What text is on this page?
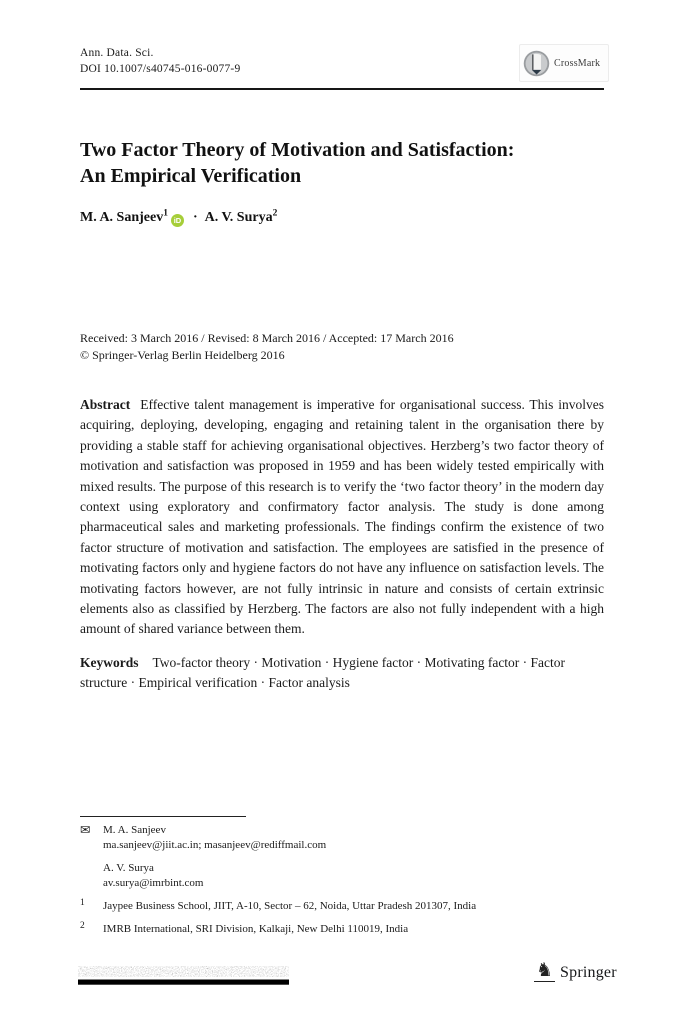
Ann. Data. Sci.
DOI 10.1007/s40745-016-0077-9	CrossMark
Two Factor Theory of Motivation and Satisfaction:
An Empirical Verification
M. A. Sanjeev$^1$iD · A. V. Surya$^2$
Received: 3 March 2016 / Revised: 8 March 2016 / Accepted: 17 March 2016
© Springer-Verlag Berlin Heidelberg 2016

Abstract Effective talent management is imperative for organisational success. This involves acquiring, deploying, developing, engaging and retaining talent in the organisation there by providing a stable staff for achieving organisational objectives. Herzberg’s two factor theory of motivation and satisfaction was proposed in 1959 and has been widely tested empirically with mixed results. The purpose of this research is to verify the ‘two factor theory’ in the modern day context using exploratory and confirmatory factor analysis. The study is done among pharmaceutical sales and marketing professionals. The findings confirm the existence of two factor structure of motivation and satisfaction. The employees are satisfied in the presence of motivating factors only and hygiene factors do not have any influence on satisfaction levels. The motivating factors however, are not fully intrinsic in nature and consists of certain extrinsic elements also as classified by Herzberg. The factors are also not fully independent with a high amount of shared variance between them.

Keywords Two-factor theory · Motivation · Hygiene factor · Motivating factor · Factor structure · Empirical verification · Factor analysis

✉	M. A. Sanjeev
ma.sanjeev@jiit.ac.in; masanjeev@rediffmail.com
A. V. Surya
av.surya@imrbint.com
1	Jaypee Business School, JIIT, A-10, Sector – 62, Noida, Uttar Pradesh 201307, India
2	IMRB International, SRI Division, Kalkaji, New Delhi 110019, India
♞ Springer
